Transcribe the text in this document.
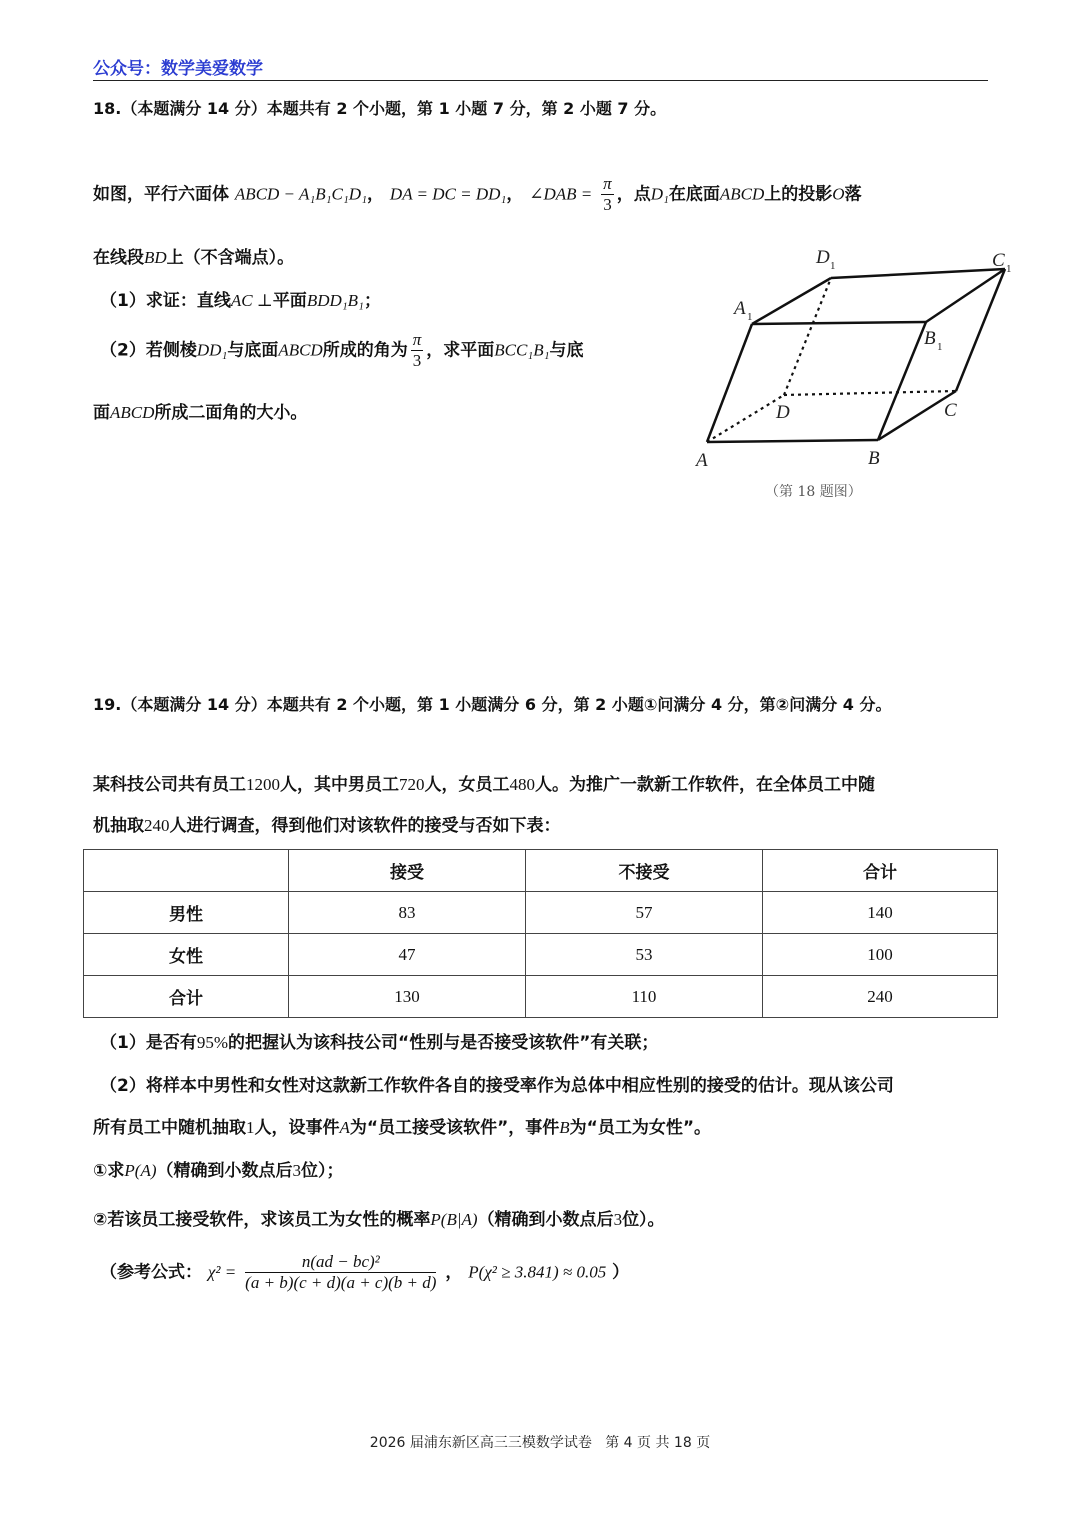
公众号：数学美爱数学
18.（本题满分 14 分）本题共有 2 个小题，第 1 小题 7 分，第 2 小题 7 分。
如图，平行六面体 ABCD − A₁B₁C₁D₁， DA = DC = DD₁， ∠DAB = $\frac{\pi}{3}$ ，点D₁在底面ABCD上的投影O落
在线段BD上（不含端点）。
（1）求证：直线AC ⊥平面BDD₁B₁；
（2）若侧棱DD₁与底面ABCD所成的角为 $\frac{\pi}{3}$ ，求平面BCC₁B₁与底
面ABCD所成二面角的大小。
A	B
C
D
A 1
B 1
C 1
D 1
（第 18 题图）
19.（本题满分 14 分）本题共有 2 个小题，第 1 小题满分 6 分，第 2 小题①问满分 4 分，第②问满分 4 分。
某科技公司共有员工1200人，其中男员工720人，女员工480人。为推广一款新工作软件，在全体员工中随
机抽取240人进行调查，得到他们对该软件的接受与否如下表：
	接受	不接受	合计
男性	83	57	140
女性	47	53	100
合计	130	110	240
（1）是否有95%的把握认为该科技公司“性别与是否接受该软件”有关联；
（2）将样本中男性和女性对这款新工作软件各自的接受率作为总体中相应性别的接受的估计。现从该公司
所有员工中随机抽取1人，设事件A为“员工接受该软件”，事件B为“员工为女性”。
①求P(A)（精确到小数点后3位）；
②若该员工接受软件，求该员工为女性的概率P(B|A)（精确到小数点后3位）。
（参考公式： $\chi^2 = \frac{\text{n(ad − bc)²}}{(a + b)(c + d)(a + c)(b + d)}$ ， P(χ² ≥ 3.841) ≈ 0.05 ）
2026 届浦东新区高三三模数学试卷   第 4 页 共 18 页
